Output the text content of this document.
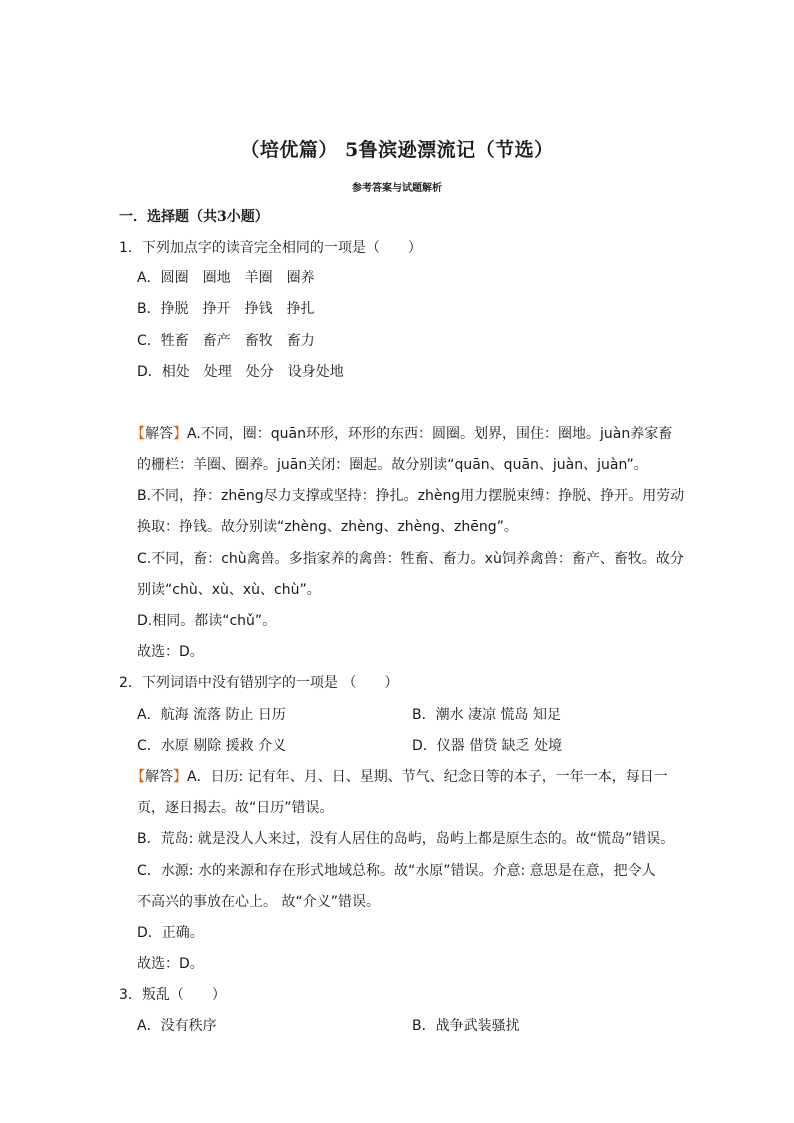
（培优篇） 5鲁滨逊漂流记（节选）

参考答案与试题解析

一．选择题（共3小题）

1．下列加点字的读音完全相同的一项是（　　）

A．圆圈　圈地　羊圈　圈养

B．挣脱　挣开　挣钱　挣扎

C．牲畜　畜产　畜牧　畜力

D．相处　处理　处分　设身处地

【解答】A.不同，圈：quān环形，环形的东西：圆圈。划界，围住：圈地。juàn养家畜

的栅栏：羊圈、圈养。juān关闭：圈起。故分别读“quān、quān、juàn、juàn”。

B.不同，挣：zhēng尽力支撑或坚持：挣扎。zhèng用力摆脱束缚：挣脱、挣开。用劳动

换取：挣钱。故分别读“zhèng、zhèng、zhèng、zhēng”。

C.不同，畜：chù禽兽。多指家养的禽兽：牲畜、畜力。xù饲养禽兽：畜产、畜牧。故分

别读“chù、xù、xù、chù”。

D.相同。都读“chǔ”。

故选：D。

2．下列词语中没有错别字的一项是 （　　）

A．航海 流落 防止 日历	B．潮水 凄凉 慌岛 知足

C．水原 剔除 援救 介义	D．仪器 借贷 缺乏 处境

【解答】A．日历: 记有年、月、日、星期、节气、纪念日等的本子，一年一本，每日一

页，逐日揭去。故“日历”错误。

B．荒岛: 就是没人人来过，没有人居住的岛屿，岛屿上都是原生态的。故“慌岛”错误。

C．水源: 水的来源和存在形式地域总称。故“水原”错误。介意: 意思是在意，把令人

不高兴的事放在心上。 故“介义”错误。

D．正确。

故选：D。

3．叛乱（　　）

A．没有秩序	B．战争武装骚扰
